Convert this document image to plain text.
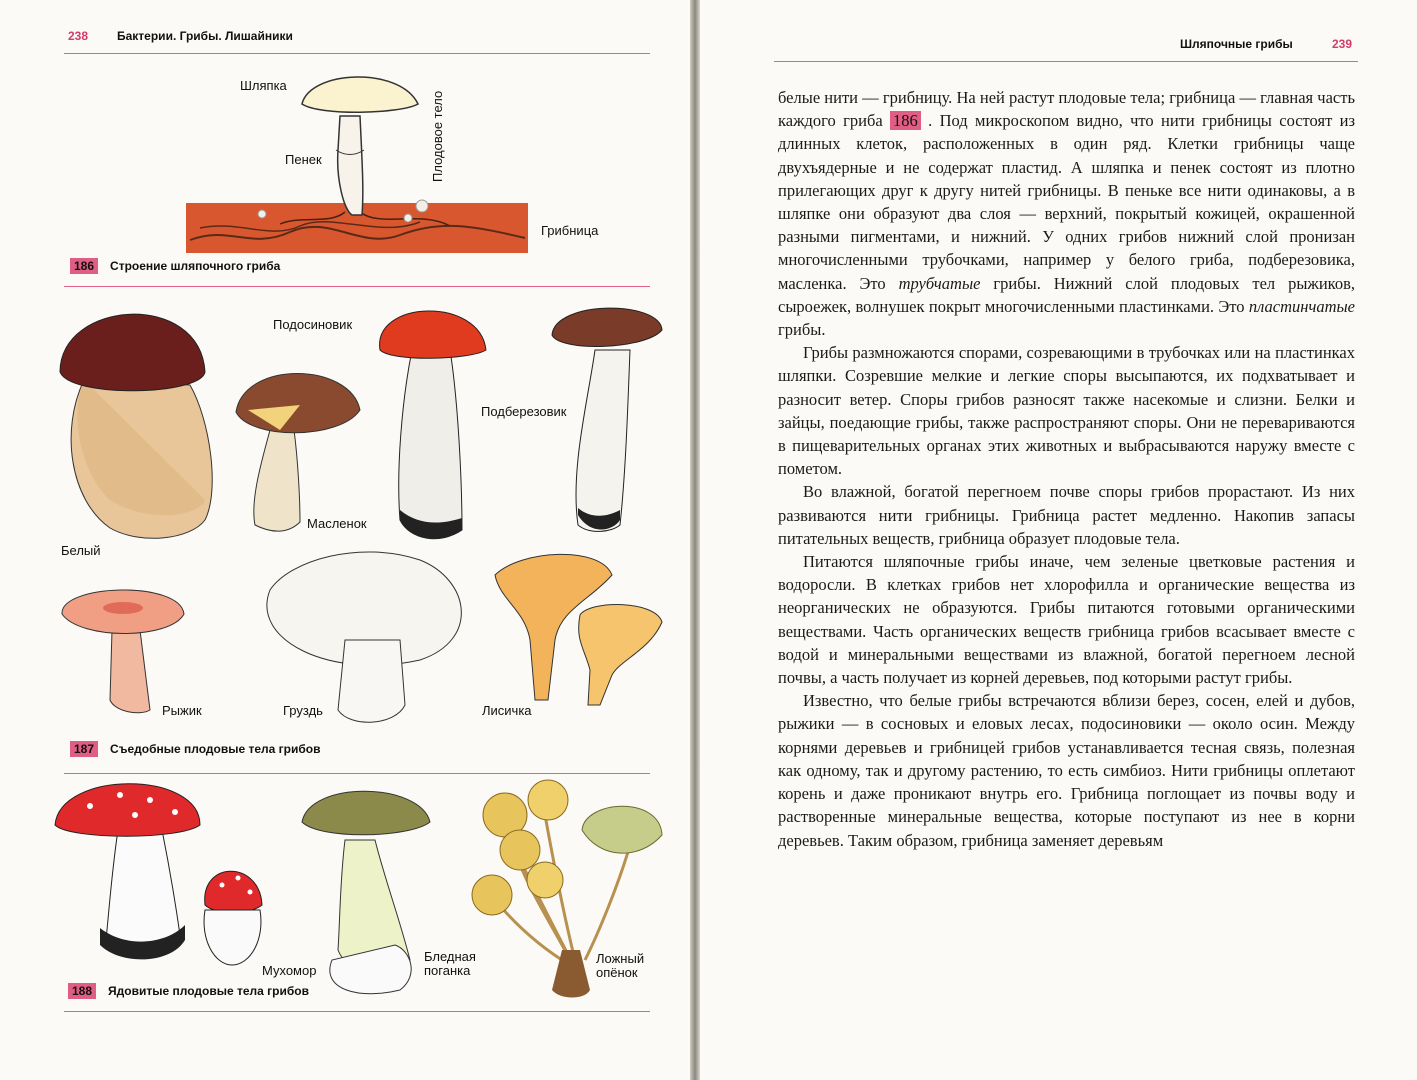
238 Бактерии. Грибы. Лишайники
Шляпка
Пенек	Плодовое тело
Грибница
186	Строение шляпочного гриба
Белый
Подосиновик
Подберезовик
Масленок
Рыжик	Груздь	Лисичка
187	Съедобные плодовые тела грибов
Мухомор
Бледная
поганка
Ложный
опёнок
188	Ядовитые плодовые тела грибов
Шляпочные грибы	239

белые нити — грибницу. На ней растут плодовые тела; грибница — главная часть каждого гриба 186 . Под микроскопом видно, что нити грибницы состоят из длинных клеток, расположенных в один ряд. Клетки грибницы чаще двухъядерные и не содержат пластид. А шляпка и пенек состоят из плотно прилегающих друг к другу нитей грибницы. В пеньке все нити одинаковы, а в шляпке они образуют два слоя — верхний, покрытый кожицей, окрашенной разными пигментами, и нижний. У одних грибов нижний слой пронизан многочисленными трубочками, например у белого гриба, подберезовика, масленка. Это трубчатые грибы. Нижний слой плодовых тел рыжиков, сыроежек, волнушек покрыт многочисленными пластинками. Это пластинчатые грибы.

Грибы размножаются спорами, созревающими в трубочках или на пластинках шляпки. Созревшие мелкие и легкие споры высыпаются, их подхватывает и разносит ветер. Споры грибов разносят также насекомые и слизни. Белки и зайцы, поедающие грибы, также распространяют споры. Они не перевариваются в пищеварительных органах этих животных и выбрасываются наружу вместе с пометом.

Во влажной, богатой перегноем почве споры грибов прорастают. Из них развиваются нити грибницы. Грибница растет медленно. Накопив запасы питательных веществ, грибница образует плодовые тела.

Питаются шляпочные грибы иначе, чем зеленые цветковые растения и водоросли. В клетках грибов нет хлорофилла и органические вещества из неорганических не образуются. Грибы питаются готовыми органическими веществами. Часть органических веществ грибница грибов всасывает вместе с водой и минеральными веществами из влажной, богатой перегноем лесной почвы, а часть получает из корней деревьев, под которыми растут грибы.

Известно, что белые грибы встречаются вблизи берез, сосен, елей и дубов, рыжики — в сосновых и еловых лесах, подосиновики — около осин. Между корнями деревьев и грибницей грибов устанавливается тесная связь, полезная как одному, так и другому растению, то есть симбиоз. Нити грибницы оплетают корень и даже проникают внутрь его. Грибница поглощает из почвы воду и растворенные минеральные вещества, которые поступают из нее в корни деревьев. Таким образом, грибница заменяет деревьям
